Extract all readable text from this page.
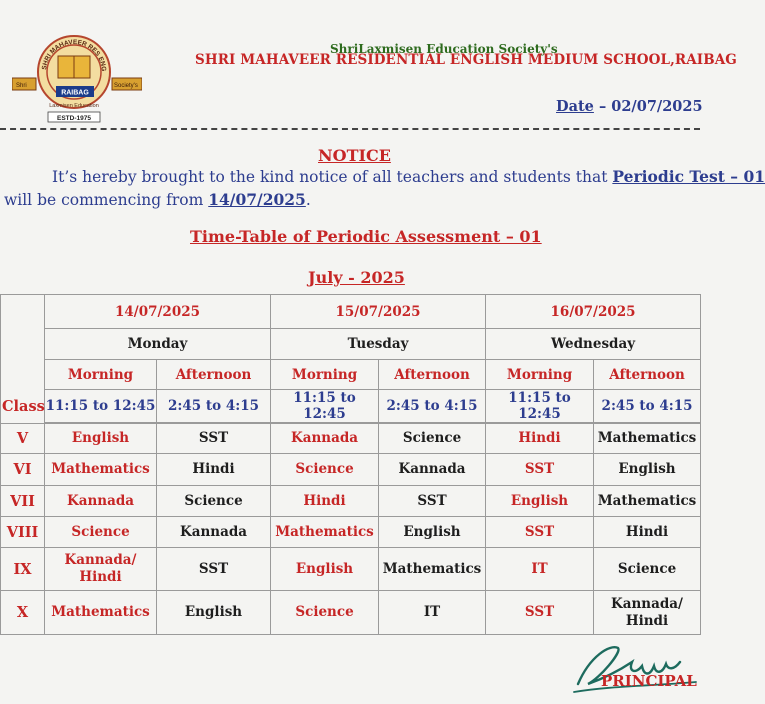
SHRI MAHAVEER RES ENG
Shri	Society's
RAIBAG
Laxmisen Education
ESTD-1975
ShriLaxmisen Education Society's
SHRI MAHAVEER RESIDENTIAL ENGLISH MEDIUM SCHOOL,RAIBAG
Date – 02/07/2025
NOTICE
It’s hereby brought to the kind notice of all teachers and students that Periodic Test – 01
will be commencing from 14/07/2025.
Time-Table of Periodic Assessment – 01
July - 2025
	14/07/2025		15/07/2025		16/07/2025	
	Monday		Tuesday		Wednesday	
	Morning	Afternoon	Morning	Afternoon	Morning	Afternoon
	11:15 to 12:45	2:45 to 4:15	11:15 to 12:45	2:45 to 4:15	11:15 to 12:45	2:45 to 4:15
Class
V	English	SST	Kannada	Science	Hindi	Mathematics
VI	Mathematics	Hindi	Science	Kannada	SST	English
VII	Kannada	Science	Hindi	SST	English	Mathematics
VIII	Science	Kannada	Mathematics	English	SST	Hindi
IX	Kannada/
Hindi	SST	English	Mathematics	IT	Science
X	Mathematics	English	Science	IT	SST	Kannada/
Hindi
PRINCIPAL
